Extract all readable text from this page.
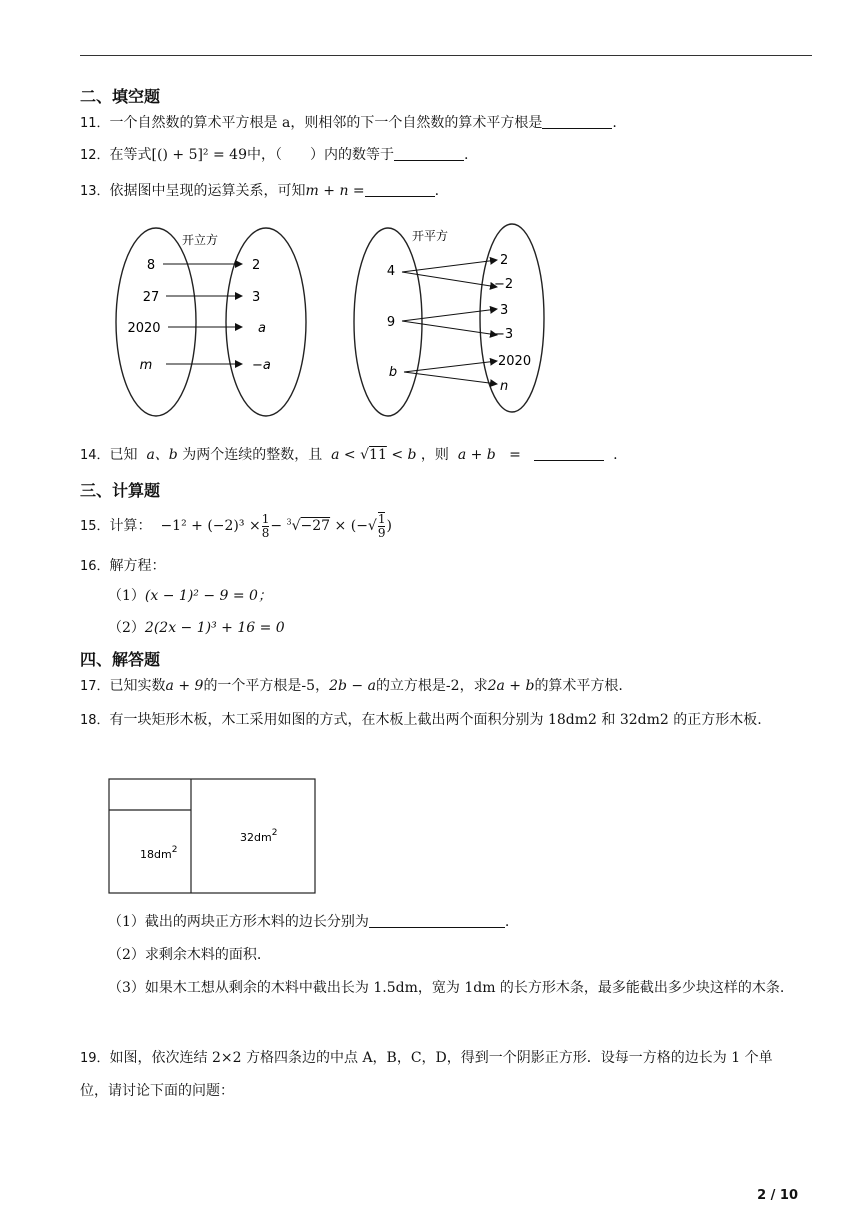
二、填空题
11．一个自然数的算术平方根是 a，则相邻的下一个自然数的算术平方根是	.
12．在等式[() + 5]² = 49中，（　　）内的数等于	.
13．依据图中呈现的运算关系，可知m + n =	.
开立方
8
27
2020
m
2
3
a
−a
开平方
4
9
b
2
−2
3
−3
2020
n
14．已知 a、b 为两个连续的整数，且 a < √11 < b ，则 a + b =	.
三、计算题
15．计算： $-1^2 + (-2)^3 \times \frac{1}{8} - ^3√-27$ × (−√ $\frac{1}{9}$ )
16．解方程：
（1）(x − 1)² − 9 = 0；
（2）2(2x − 1)³ + 16 = 0
四、解答题
17．已知实数a + 9的一个平方根是-5，2b − a的立方根是-2，求2a + b的算术平方根.
18．有一块矩形木板，木工采用如图的方式，在木板上截出两个面积分别为 18dm2 和 32dm2 的正方形木板.
$18dm^2$
$32dm^2$
（1）截出的两块正方形木料的边长分别为	.
（2）求剩余木料的面积.
（3）如果木工想从剩余的木料中截出长为 1.5dm，宽为 1dm 的长方形木条，最多能截出多少块这样的木条.
19．如图，依次连结 2×2 方格四条边的中点 A，B，C，D，得到一个阴影正方形．设每一方格的边长为 1 个单位，请讨论下面的问题：
2 / 10
